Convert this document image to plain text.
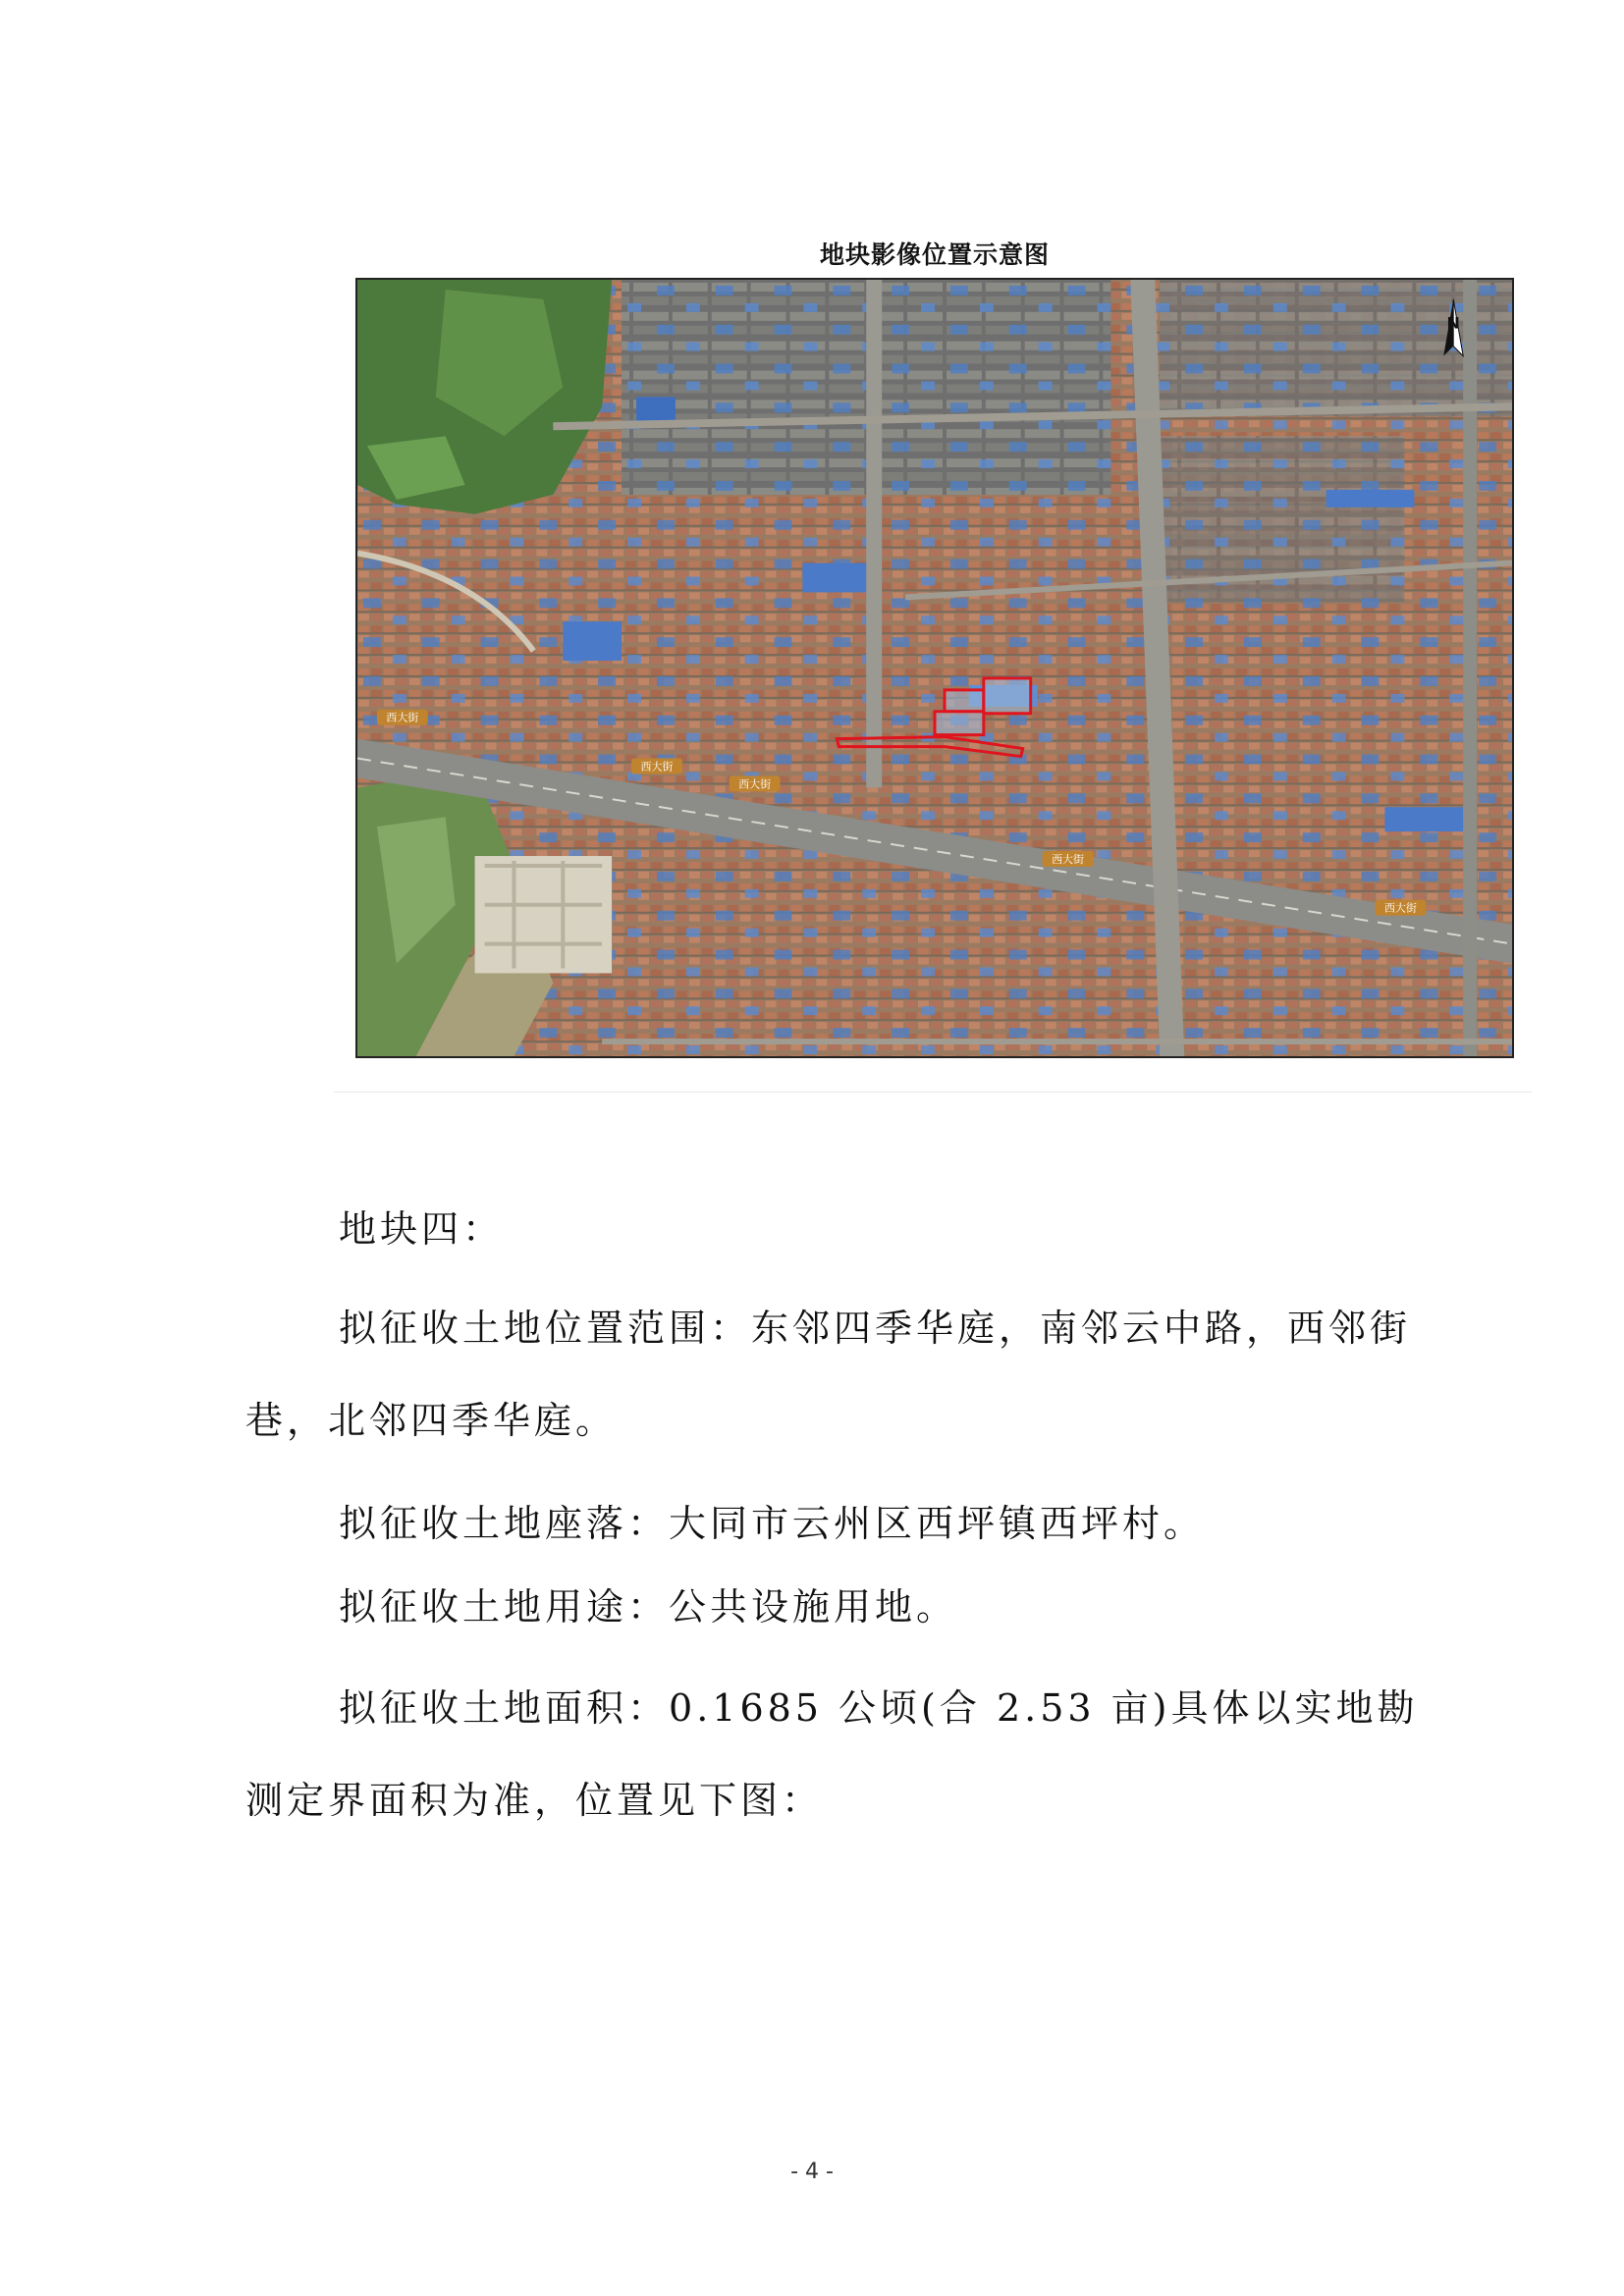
地块影像位置示意图
西大街
西大街
西大街
西大街
西大街
N
地块四：
拟征收土地位置范围：东邻四季华庭，南邻云中路，西邻街巷，北邻四季华庭。
拟征收土地座落：大同市云州区西坪镇西坪村。
拟征收土地用途：公共设施用地。
拟征收土地面积：0.1685 公顷(合 2.53 亩)具体以实地勘测定界面积为准，位置见下图：
- 4 -
